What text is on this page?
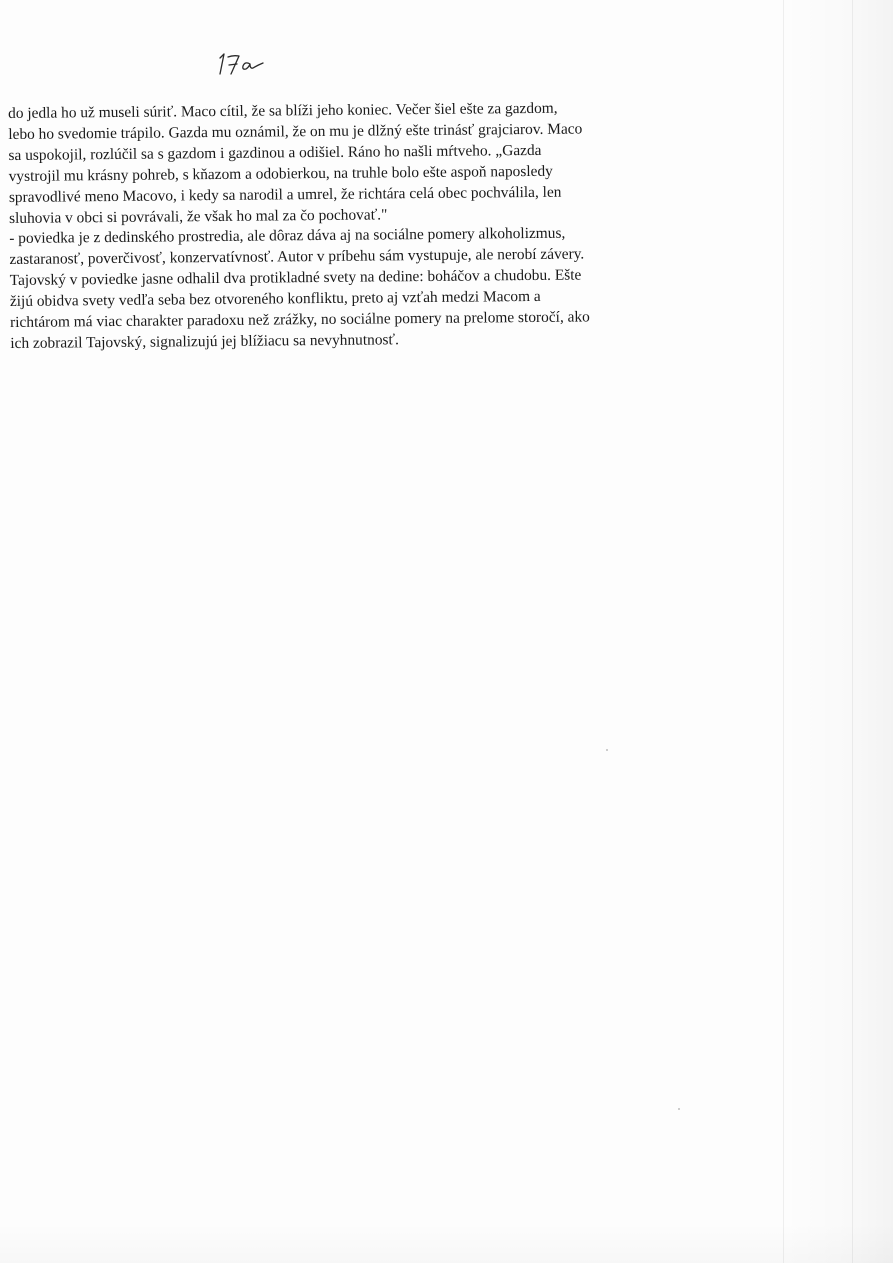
do jedla ho už museli súriť. Maco cítil, že sa blíži jeho koniec. Večer šiel ešte za gazdom,
lebo ho svedomie trápilo. Gazda mu oznámil, že on mu je dlžný ešte trinásť grajciarov. Maco
sa uspokojil, rozlúčil sa s gazdom i gazdinou a odišiel. Ráno ho našli mŕtveho. „Gazda
vystrojil mu krásny pohreb, s kňazom a odobierkou, na truhle bolo ešte aspoň naposledy
spravodlivé meno Macovo, i kedy sa narodil a umrel, že richtára celá obec pochválila, len
sluhovia v obci si povrávali, že však ho mal za čo pochovať."
- poviedka je z dedinského prostredia, ale dôraz dáva aj na sociálne pomery alkoholizmus,
zastaranosť, poverčivosť, konzervatívnosť. Autor v príbehu sám vystupuje, ale nerobí závery.
Tajovský v poviedke jasne odhalil dva protikladné svety na dedine: boháčov a chudobu. Ešte
žijú obidva svety vedľa seba bez otvoreného konfliktu, preto aj vzťah medzi Macom a
richtárom má viac charakter paradoxu než zrážky, no sociálne pomery na prelome storočí, ako
ich zobrazil Tajovský, signalizujú jej blížiacu sa nevyhnutnosť.
